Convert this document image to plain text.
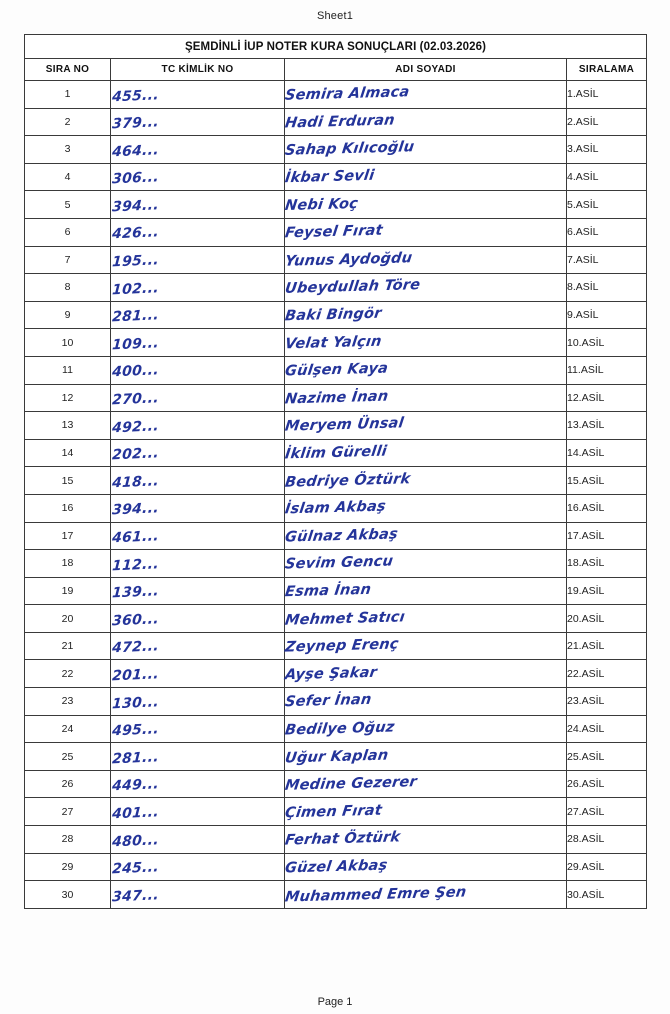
Sheet1
ŞEMDİNLİ İUP NOTER KURA SONUÇLARI (02.03.2026)			
SIRA NO	TC KİMLİK NO	ADI SOYADI	SIRALAMA
1	455...	Semira Almaca	1.ASİL
2	379...	Hadi Erduran	2.ASİL
3	464...	Sahap Kılıcoğlu	3.ASİL
4	306...	İkbar Sevli	4.ASİL
5	394...	Nebi Koç	5.ASİL
6	426...	Feysel Fırat	6.ASİL
7	195...	Yunus Aydoğdu	7.ASİL
8	102...	Ubeydullah Töre	8.ASİL
9	281...	Baki Bingör	9.ASİL
10	109...	Velat Yalçın	10.ASİL
11	400...	Gülşen Kaya	11.ASİL
12	270...	Nazime İnan	12.ASİL
13	492...	Meryem Ünsal	13.ASİL
14	202...	İklim Gürelli	14.ASİL
15	418...	Bedriye Öztürk	15.ASİL
16	394...	İslam Akbaş	16.ASİL
17	461...	Gülnaz Akbaş	17.ASİL
18	112...	Sevim Gencu	18.ASİL
19	139...	Esma İnan	19.ASİL
20	360...	Mehmet Satıcı	20.ASİL
21	472...	Zeynep Erenç	21.ASİL
22	201...	Ayşe Şakar	22.ASİL
23	130...	Sefer İnan	23.ASİL
24	495...	Bedilye Oğuz	24.ASİL
25	281...	Uğur Kaplan	25.ASİL
26	449...	Medine Gezerer	26.ASİL
27	401...	Çimen Fırat	27.ASİL
28	480...	Ferhat Öztürk	28.ASİL
29	245...	Güzel Akbaş	29.ASİL
30	347...	Muhammed Emre Şen	30.ASİL
Page 1
